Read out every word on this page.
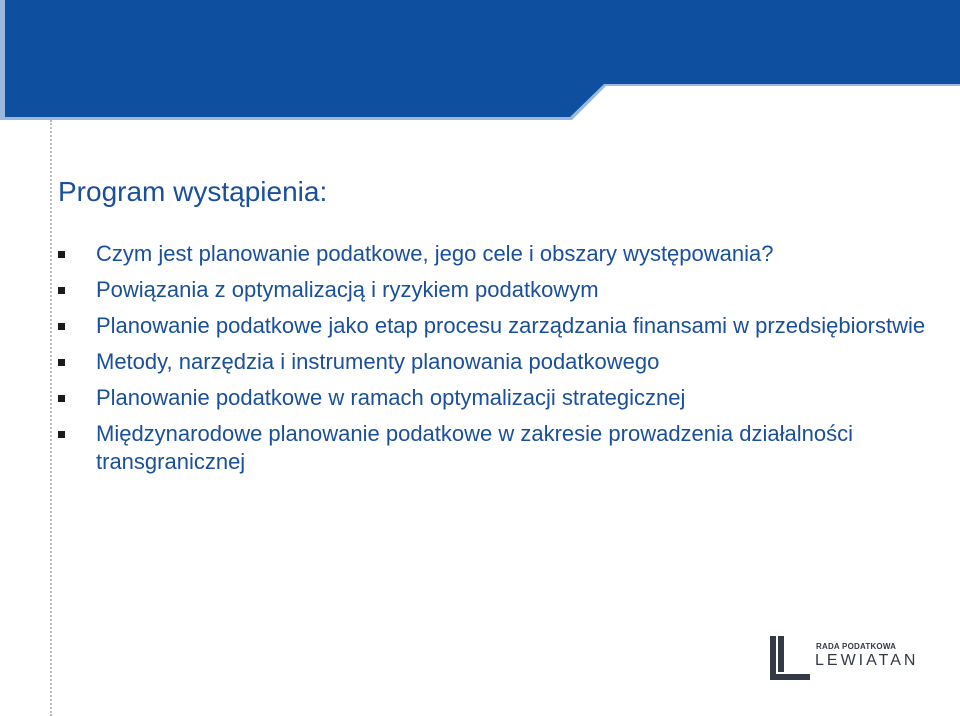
Program wystąpienia:
Czym jest planowanie podatkowe, jego cele i obszary występowania?
Powiązania z optymalizacją i ryzykiem podatkowym
Planowanie podatkowe jako etap procesu zarządzania finansami w przedsiębiorstwie
Metody, narzędzia i instrumenty planowania podatkowego
Planowanie podatkowe w ramach optymalizacji strategicznej
Międzynarodowe planowanie podatkowe w zakresie prowadzenia działalności transgranicznej
RADA PODATKOWA
LEWIATAN
